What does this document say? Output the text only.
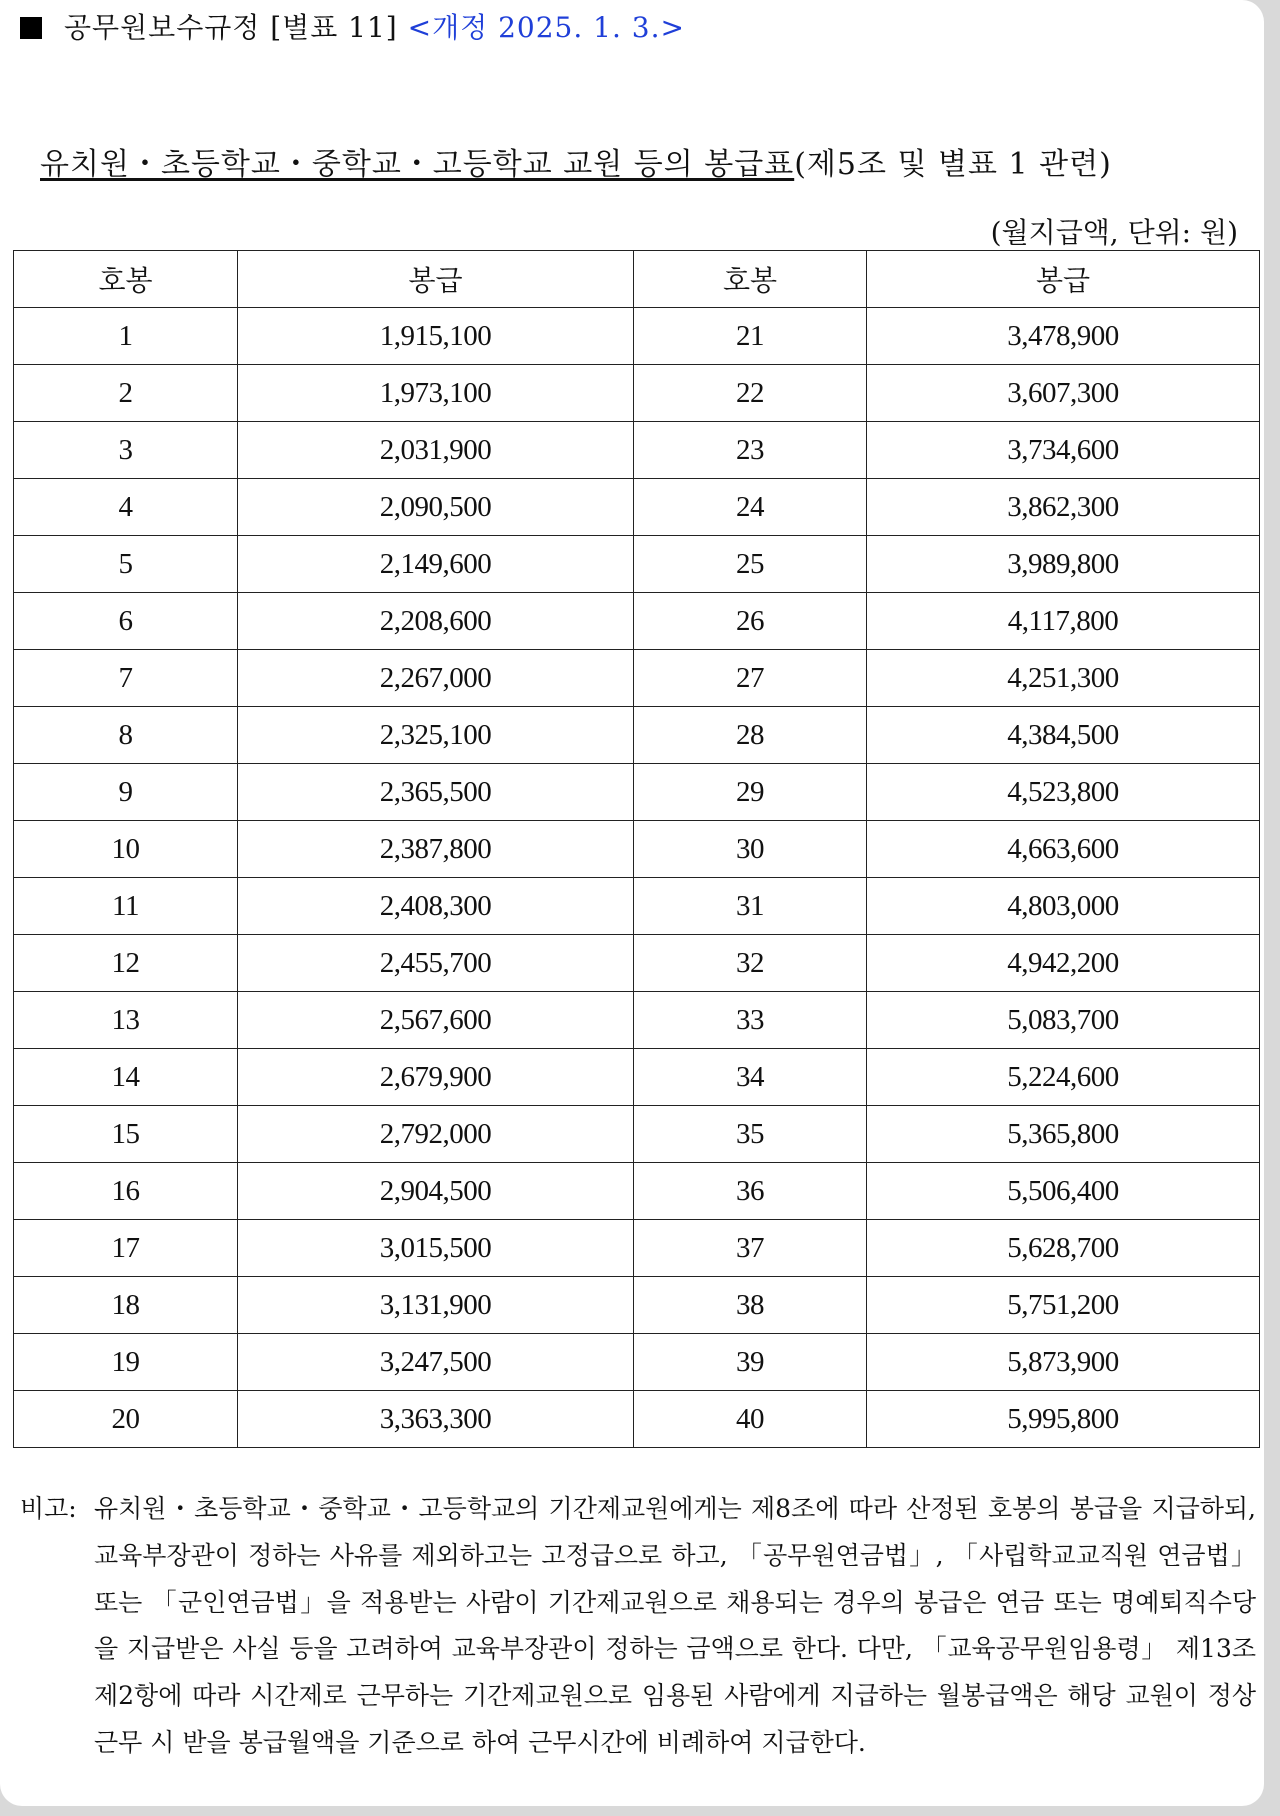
공무원보수규정 [별표 11] <개정 2025. 1. 3.>
유치원・초등학교・중학교・고등학교 교원 등의 봉급표(제5조 및 별표 1 관련)
(월지급액, 단위: 원)
호봉	봉급	호봉	봉급
1	1,915,100	21	3,478,900
2	1,973,100	22	3,607,300
3	2,031,900	23	3,734,600
4	2,090,500	24	3,862,300
5	2,149,600	25	3,989,800
6	2,208,600	26	4,117,800
7	2,267,000	27	4,251,300
8	2,325,100	28	4,384,500
9	2,365,500	29	4,523,800
10	2,387,800	30	4,663,600
11	2,408,300	31	4,803,000
12	2,455,700	32	4,942,200
13	2,567,600	33	5,083,700
14	2,679,900	34	5,224,600
15	2,792,000	35	5,365,800
16	2,904,500	36	5,506,400
17	3,015,500	37	5,628,700
18	3,131,900	38	5,751,200
19	3,247,500	39	5,873,900
20	3,363,300	40	5,995,800
비고: 유치원・초등학교・중학교・고등학교의 기간제교원에게는 제8조에 따라 산정된 호봉의 봉급을 지급하되, 교육부장관이 정하는 사유를 제외하고는 고정급으로 하고, 「공무원연금법」, 「사립학교교직원 연금법」 또는 「군인연금법」을 적용받는 사람이 기간제교원으로 채용되는 경우의 봉급은 연금 또는 명예퇴직수당을 지급받은 사실 등을 고려하여 교육부장관이 정하는 금액으로 한다. 다만, 「교육공무원임용령」 제13조제2항에 따라 시간제로 근무하는 기간제교원으로 임용된 사람에게 지급하는 월봉급액은 해당 교원이 정상근무 시 받을 봉급월액을 기준으로 하여 근무시간에 비례하여 지급한다.
